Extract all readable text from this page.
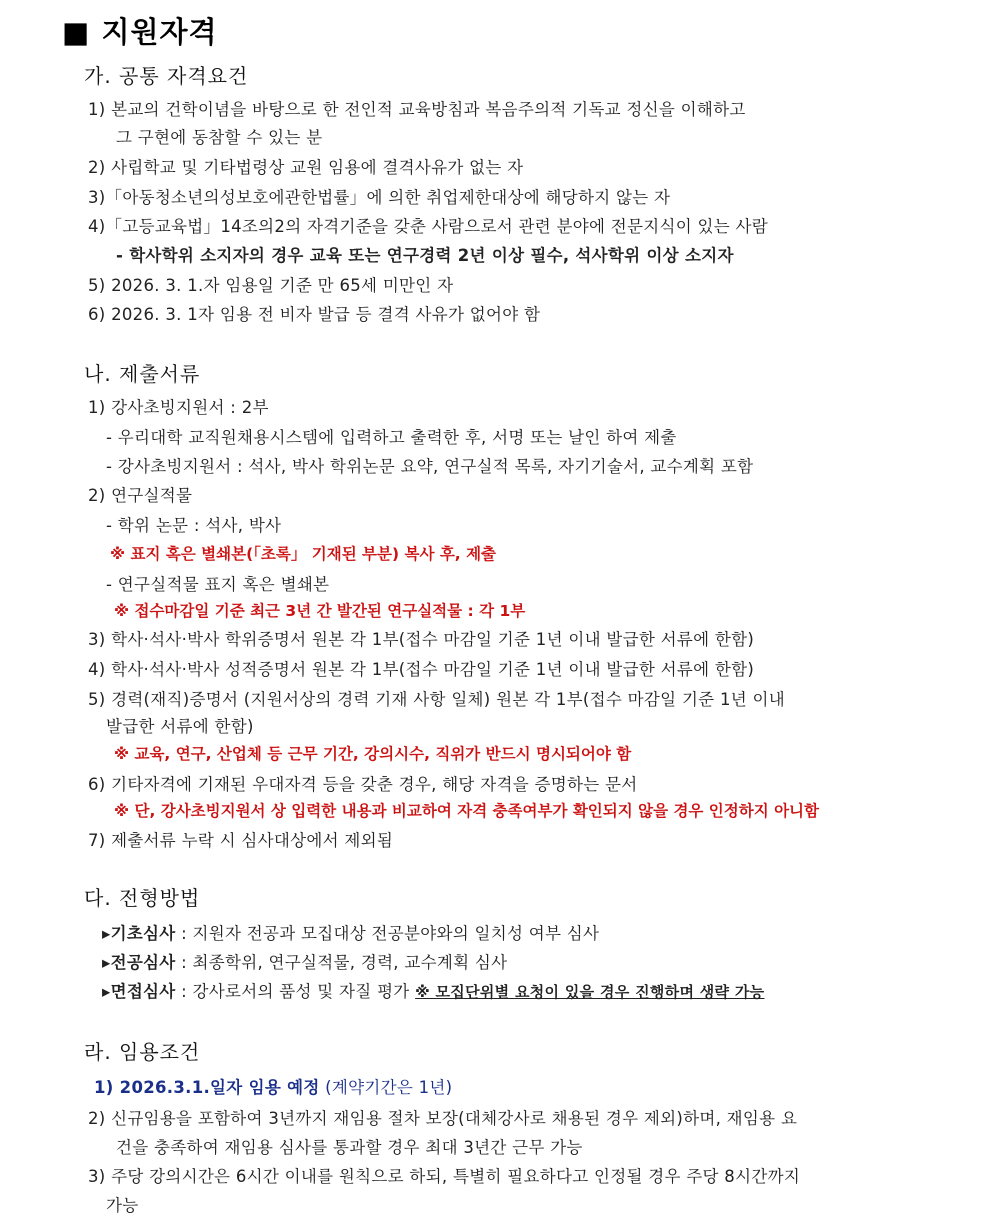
■ 지원자격
가. 공통 자격요건
1) 본교의 건학이념을 바탕으로 한 전인적 교육방침과 복음주의적 기독교 정신을 이해하고
그 구현에 동참할 수 있는 분
2) 사립학교 및 기타법령상 교원 임용에 결격사유가 없는 자
3)「아동청소년의성보호에관한법률」에 의한 취업제한대상에 해당하지 않는 자
4)「고등교육법」14조의2의 자격기준을 갖춘 사람으로서 관련 분야에 전문지식이 있는 사람
- 학사학위 소지자의 경우 교육 또는 연구경력 2년 이상 필수, 석사학위 이상 소지자
5) 2026. 3. 1.자 임용일 기준 만 65세 미만인 자
6) 2026. 3. 1자 임용 전 비자 발급 등 결격 사유가 없어야 함
나. 제출서류
1) 강사초빙지원서 : 2부
- 우리대학 교직원채용시스템에 입력하고 출력한 후, 서명 또는 날인 하여 제출
- 강사초빙지원서 : 석사, 박사 학위논문 요약, 연구실적 목록, 자기기술서, 교수계획 포함
2) 연구실적물
- 학위 논문 : 석사, 박사
※ 표지 혹은 별쇄본(「초록」 기재된 부분) 복사 후, 제출
- 연구실적물 표지 혹은 별쇄본
※ 접수마감일 기준 최근 3년 간 발간된 연구실적물 : 각 1부
3) 학사·석사·박사 학위증명서 원본 각 1부(접수 마감일 기준 1년 이내 발급한 서류에 한함)
4) 학사·석사·박사 성적증명서 원본 각 1부(접수 마감일 기준 1년 이내 발급한 서류에 한함)
5) 경력(재직)증명서 (지원서상의 경력 기재 사항 일체) 원본 각 1부(접수 마감일 기준 1년 이내
발급한 서류에 한함)
※ 교육, 연구, 산업체 등 근무 기간, 강의시수, 직위가 반드시 명시되어야 함
6) 기타자격에 기재된 우대자격 등을 갖춘 경우, 해당 자격을 증명하는 문서
※ 단, 강사초빙지원서 상 입력한 내용과 비교하여 자격 충족여부가 확인되지 않을 경우 인정하지 아니함
7) 제출서류 누락 시 심사대상에서 제외됨
다. 전형방법
▸기초심사 : 지원자 전공과 모집대상 전공분야와의 일치성 여부 심사
▸전공심사 : 최종학위, 연구실적물, 경력, 교수계획 심사
▸면접심사 : 강사로서의 품성 및 자질 평가 ※ 모집단위별 요청이 있을 경우 진행하며 생략 가능
라. 임용조건
1) 2026.3.1.일자 임용 예정 (계약기간은 1년)
2) 신규임용을 포함하여 3년까지 재임용 절차 보장(대체강사로 채용된 경우 제외)하며, 재임용 요
건을 충족하여 재임용 심사를 통과할 경우 최대 3년간 근무 가능
3) 주당 강의시간은 6시간 이내를 원칙으로 하되, 특별히 필요하다고 인정될 경우 주당 8시간까지
가능
